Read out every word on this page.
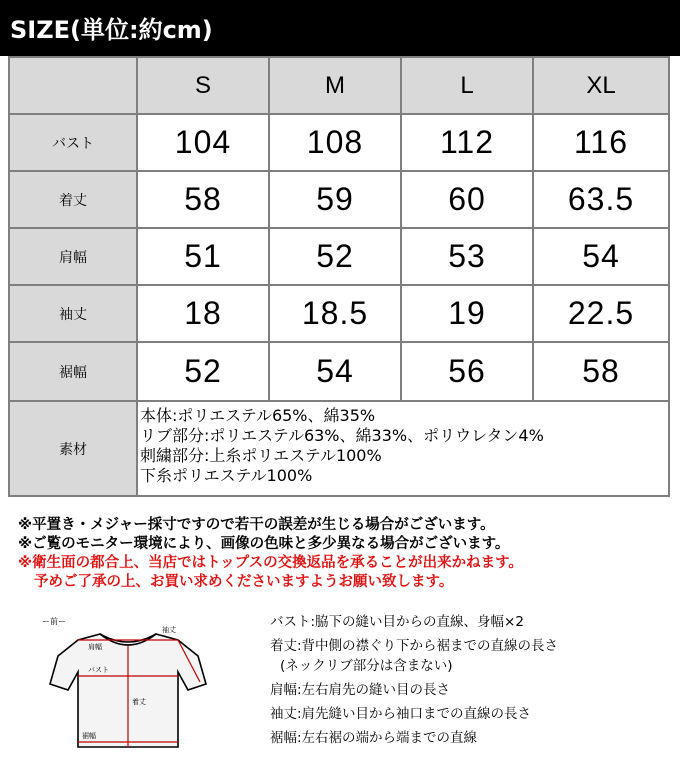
SIZE(単位:約cm)
S	M	L	XL
バスト	104 108 112 116
着丈	58	59	60	63.5
肩幅	51	52	53	54
袖丈	18	18.5	19	22.5
裾幅	52	54	56	58
素材
本体:ポリエステル65%、綿35%
リブ部分:ポリエステル63%、綿33%、ポリウレタン4%
刺繍部分:上糸ポリエステル100%
下糸ポリエステル100%
※平置き・メジャー採寸ですので若干の誤差が生じる場合がございます。
※ご覧のモニター環境により、画像の色味と多少異なる場合がございます。
※衛生面の都合上、当店ではトップスの交換返品を承ることが出来かねます。
予めご了承の上、お買い求めくださいますようお願い致します。
ー前ー
肩幅
袖丈
バスト
着丈
裾幅
バスト:脇下の縫い目からの直線、身幅×2
着丈:背中側の襟ぐり下から裾までの直線の長さ
(ネックリブ部分は含まない)
肩幅:左右肩先の縫い目の長さ
袖丈:肩先縫い目から袖口までの直線の長さ
裾幅:左右裾の端から端までの直線
